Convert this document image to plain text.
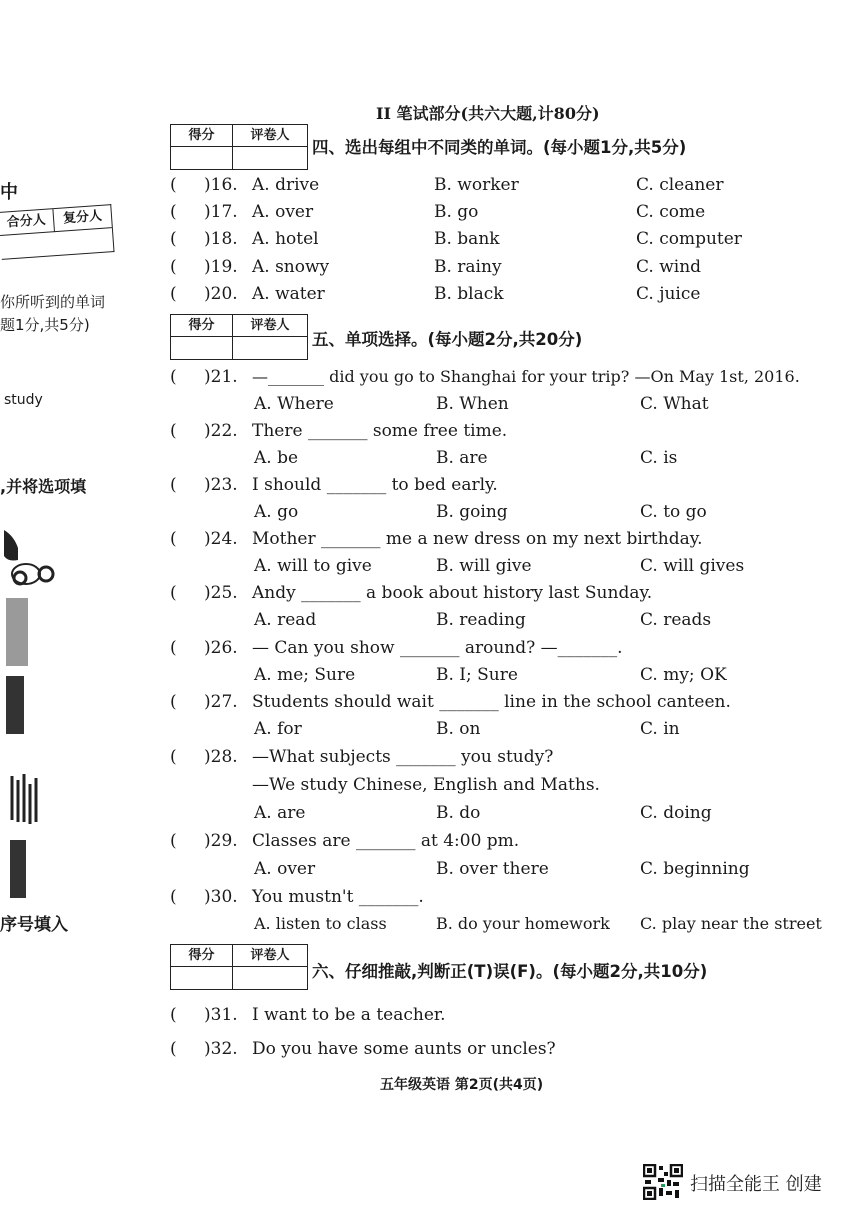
II 笔试部分(共六大题,计80分)
中
合分人	复分人
你所听到的单词
题1分,共5分)
study
,并将选项填
序号填入
得分	评卷人
四、选出每组中不同类的单词。(每小题1分,共5分)
( )16. A. drive	B. worker	C. cleaner
( )17. A. over	B. go	C. come
( )18. A. hotel	B. bank	C. computer
( )19. A. snowy	B. rainy	C. wind
( )20. A. water	B. black	C. juice
得分	评卷人
五、单项选择。(每小题2分,共20分)
( )21. —_______ did you go to Shanghai for your trip? —On May 1st, 2016.
A. Where	B. When	C. What
( )22. There _______ some free time.
A. be	B. are	C. is
( )23. I should _______ to bed early.
A. go	B. going	C. to go
( )24. Mother _______ me a new dress on my next birthday.
A. will to give	B. will give	C. will gives
( )25. Andy _______ a book about history last Sunday.
A. read	B. reading	C. reads
( )26. — Can you show _______ around? —_______.
A. me; Sure	B. I; Sure	C. my; OK
( )27. Students should wait _______ line in the school canteen.
A. for	B. on	C. in
( )28. —What subjects _______ you study?
—We study Chinese, English and Maths.
A. are	B. do	C. doing
( )29. Classes are _______ at 4:00 pm.
A. over	B. over there	C. beginning
( )30. You mustn't _______.
A. listen to class	B. do your homework C. play near the street
得分	评卷人
六、仔细推敲,判断正(T)误(F)。(每小题2分,共10分)
( )31. I want to be a teacher.
( )32. Do you have some aunts or uncles?
五年级英语 第2页(共4页)
扫描全能王 创建
